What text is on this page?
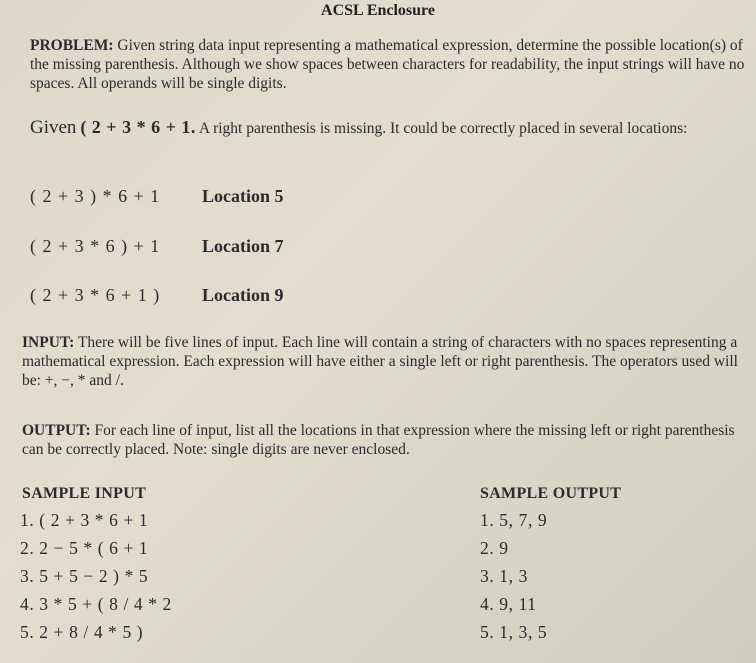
ACSL Enclosure
PROBLEM: Given string data input representing a mathematical expression, determine the possible location(s) of the missing parenthesis. Although we show spaces between characters for readability, the input strings will have no spaces. All operands will be single digits.
Given ( 2 + 3 * 6 + 1. A right parenthesis is missing. It could be correctly placed in several locations:
( 2 + 3 ) * 6 + 1 Location 5
( 2 + 3 * 6 ) + 1 Location 7
( 2 + 3 * 6 + 1 ) Location 9
INPUT: There will be five lines of input. Each line will contain a string of characters with no spaces representing a mathematical expression. Each expression will have either a single left or right parenthesis. The operators used will be: +, −, * and /.
OUTPUT: For each line of input, list all the locations in that expression where the missing left or right parenthesis can be correctly placed. Note: single digits are never enclosed.
SAMPLE INPUT	SAMPLE OUTPUT
1. ( 2 + 3 * 6 + 1
2. 2 − 5 * ( 6 + 1
3. 5 + 5 − 2 ) * 5
4. 3 * 5 + ( 8 / 4 * 2
5. 2 + 8 / 4 * 5 )
1. 5, 7, 9
2. 9
3. 1, 3
4. 9, 11
5. 1, 3, 5
